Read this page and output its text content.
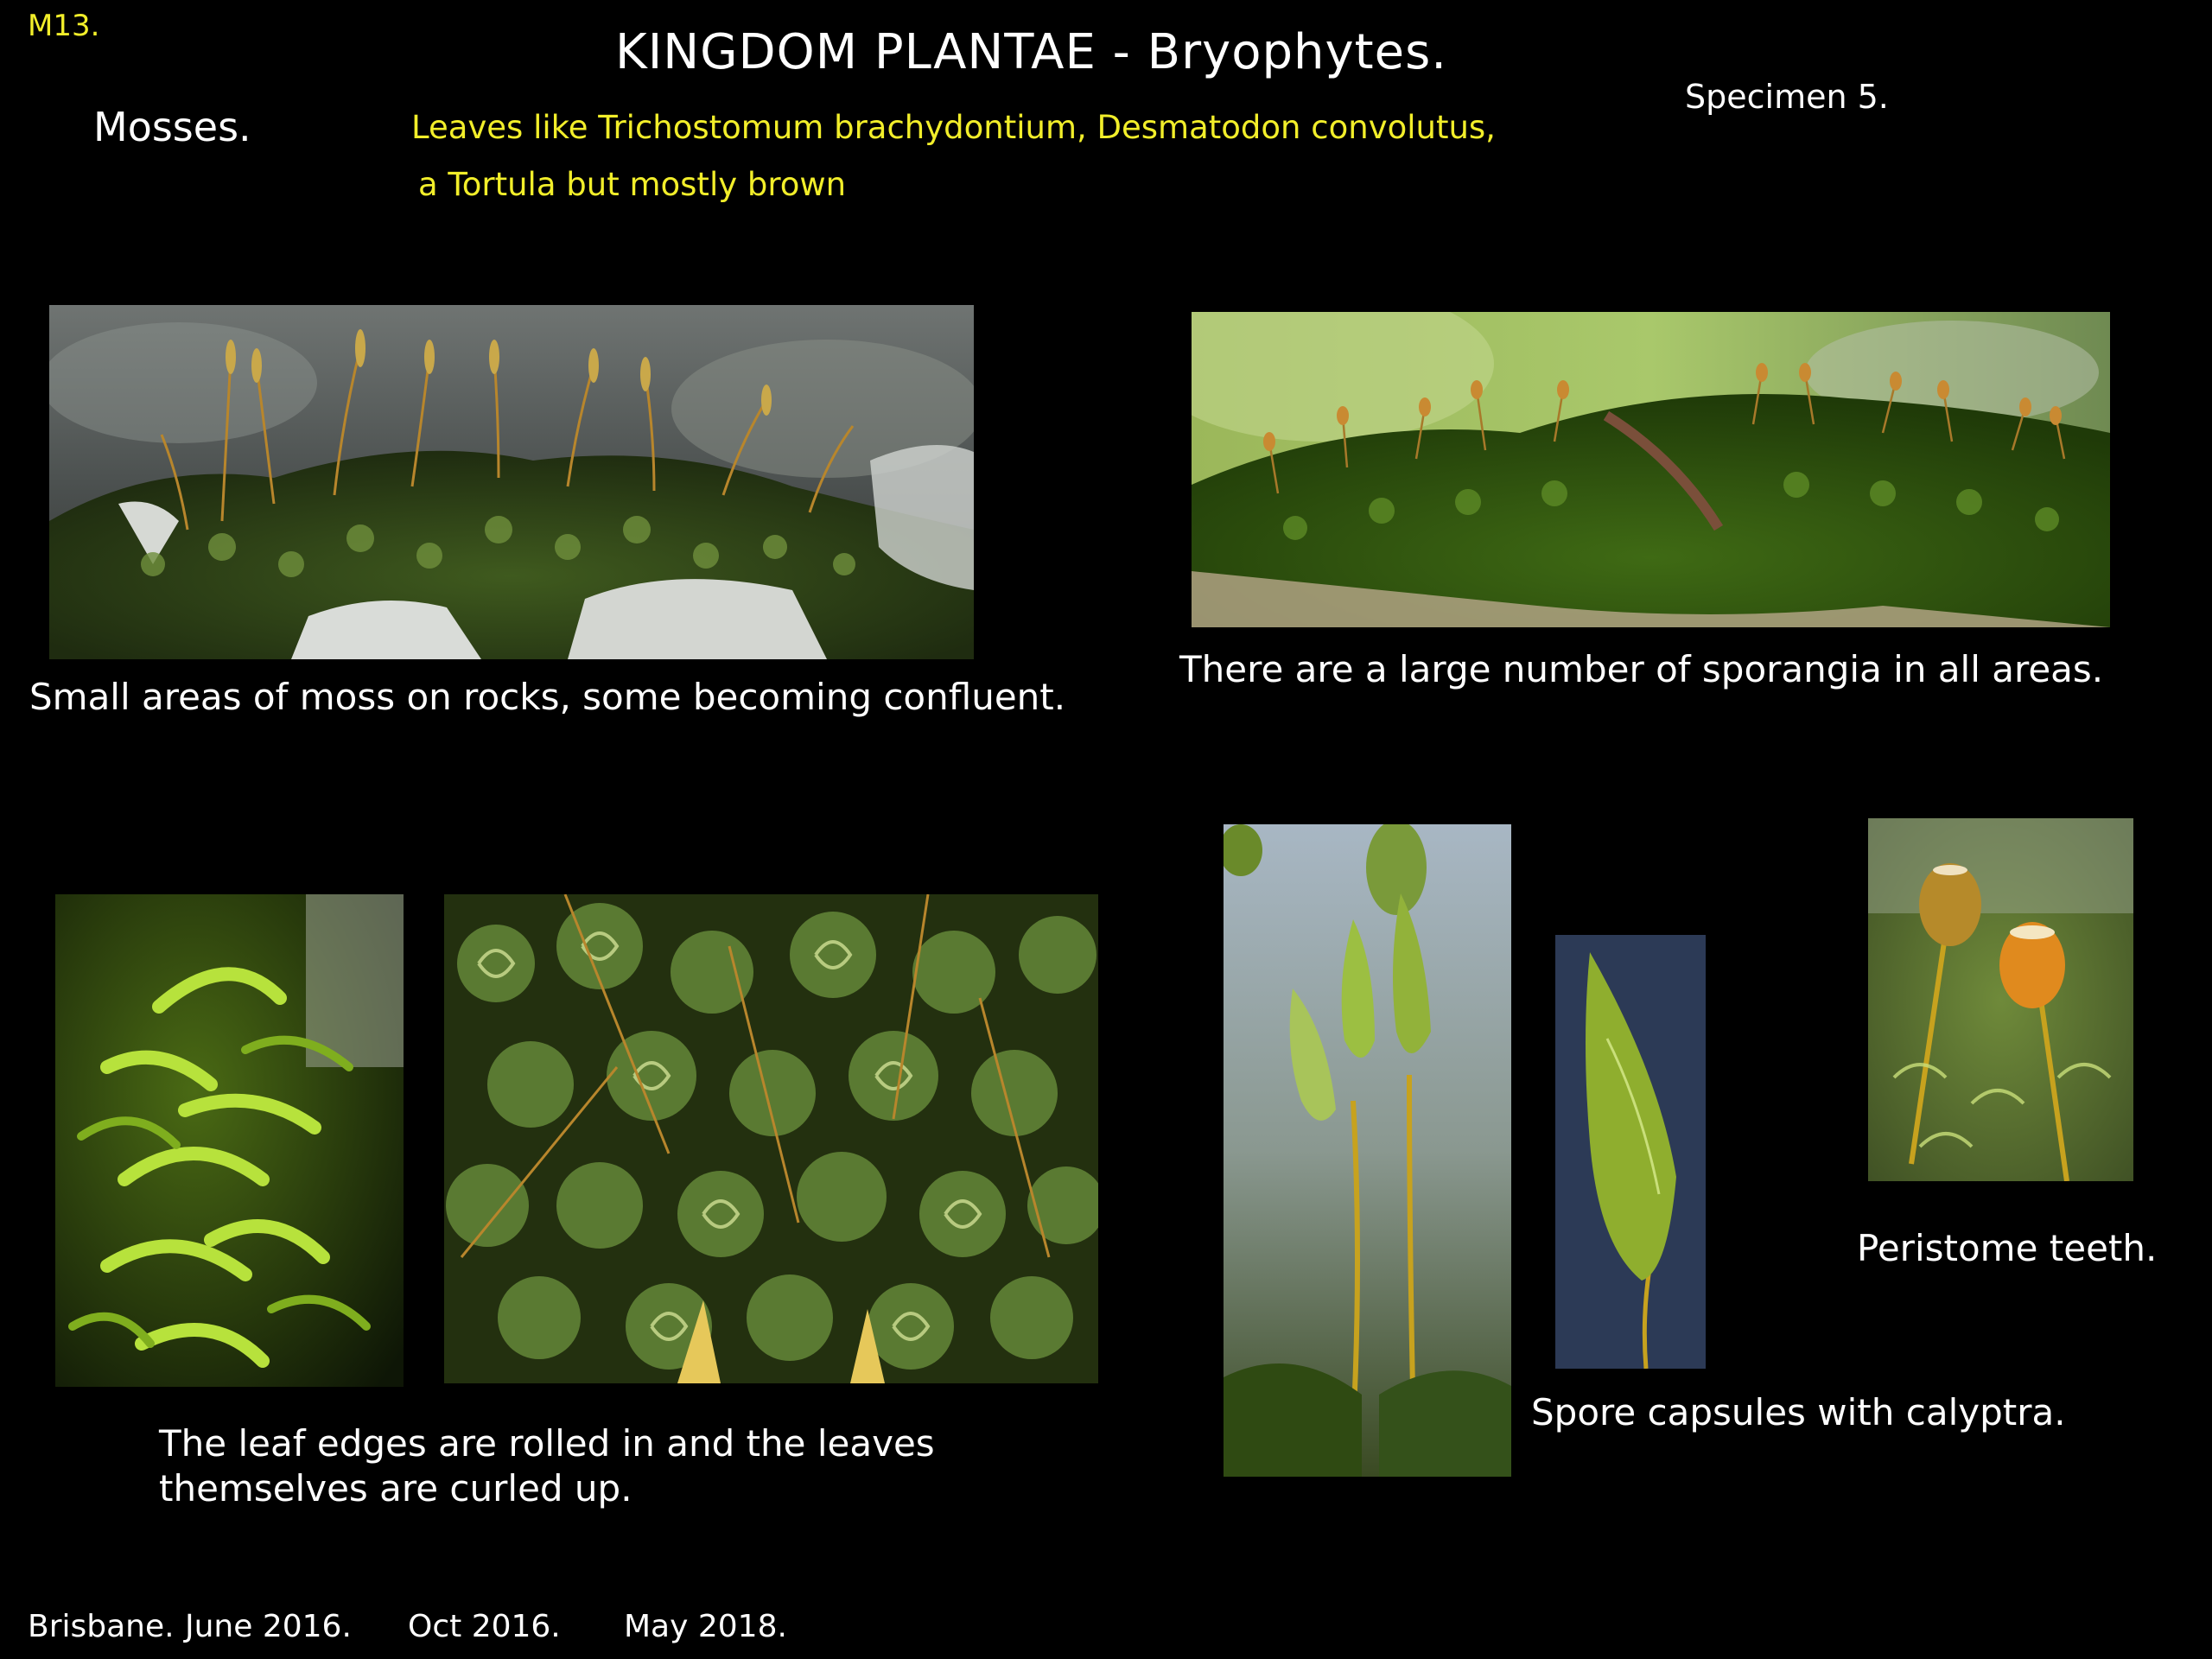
M13.	KINGDOM PLANTAE - Bryophytes.
Mosses.
Specimen 5.
Leaves like Trichostomum brachydontium, Desmatodon convolutus,
a Tortula but mostly brown
Small areas of moss on rocks, some becoming confluent.
There are a large number of sporangia in all areas.
The leaf edges are rolled in and the leaves
themselves are curled up.
Spore capsules with calyptra.
Peristome teeth.
Brisbane. June 2016. Oct 2016. May 2018.
